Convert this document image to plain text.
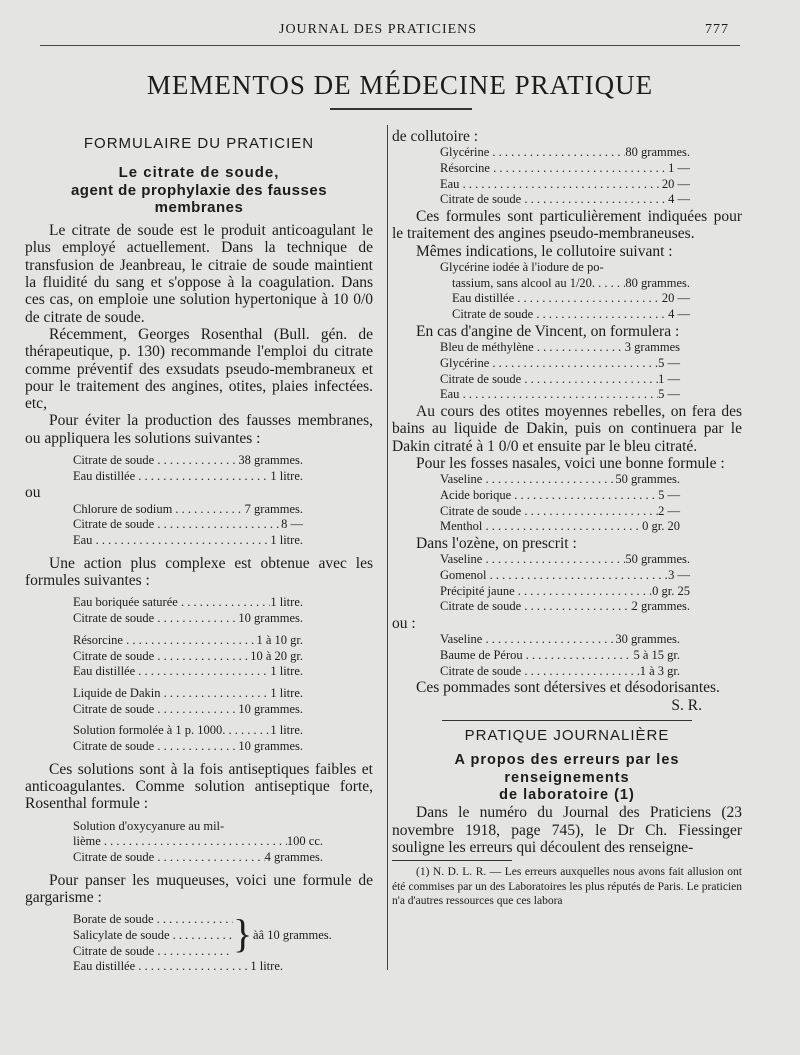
JOURNAL DES PRATICIENS	777
MEMENTOS DE MÉDECINE PRATIQUE
FORMULAIRE DU PRATICIEN
Le citrate de soude,
agent de prophylaxie des fausses membranes

Le citrate de soude est le produit anticoagulant le plus employé actuellement. Dans la technique de transfusion de Jeanbreau, le citraie de soude maintient la fluidité du sang et s'oppose à la coagulation. Dans ces cas, on emploie une solution hypertonique à 10 0/0 de citrate de soude.

Récemment, Georges Rosenthal (Bull. gén. de thérapeutique, p. 130) recommande l'emploi du citrate comme préventif des exsudats pseudo-membraneux et pour le traitement des angines, otites, plaies infectées. etc,

Pour éviter la production des fausses membranes, ou appliquera les solutions suivantes :

Citrate de soude . . .	38 grammes.
Eau distillée . . .	1 litre.
ou
Chlorure de sodium . . .	7 grammes.
Citrate de soude . . .	8 —
Eau . . .	1 litre.

Une action plus complexe est obtenue avec les formules suivantes :

Eau boriquée saturée . . .	1 litre.
Citrate de soude . . .	10 grammes.
Résorcine . . .	1 à 10 gr.
Citrate de soude . . .	10 à 20 gr.
Eau distillée . . .	1 litre.
Liquide de Dakin . . .	1 litre.
Citrate de soude . . .	10 grammes.
Solution formolée à 1 p. 1000. . . .	1 litre.
Citrate de soude . . .	10 grammes.

Ces solutions sont à la fois antiseptiques faibles et anticoagulantes. Comme solution antiseptique forte, Rosenthal formule :

Solution d'oxycyanure au mil-
lième . . .	100 cc.
Citrate de soude . . .	4 grammes.

Pour panser les muqueuses, voici une formule de gargarisme :

Borate de soude . . .
Salicylate de soude . . .
Citrate de soude . . .	} àâ 10 grammes.
Eau distillée . . .	1 litre.
de collutoire :
Glycérine . . .	80 grammes.
Résorcine . . .	1 —
Eau . . .	20 —
Citrate de soude . . .	4 —

Ces formules sont particulièrement indiquées pour le traitement des angines pseudo-membraneuses.

Mêmes indications, le collutoire suivant :

Glycérine iodée à l'iodure de po-
tassium, sans alcool au 1/20. . . .	80 grammes.
Eau distillée . . .	20 —
Citrate de soude . . .	4 —

En cas d'angine de Vincent, on formulera :

Bleu de méthylène . . .	3 grammes
Glycérine . . .	5 —
Citrate de soude . . .	1 —
Eau . . .	5 —

Au cours des otites moyennes rebelles, on fera des bains au liquide de Dakin, puis on continuera par le Dakin citraté à 1 0/0 et ensuite par le bleu citraté.

Pour les fosses nasales, voici une bonne formule :

Vaseline . . .	50 grammes.
Acide borique . . .	5 —
Citrate de soude . . .	2 —
Menthol . . .	0 gr. 20

Dans l'ozène, on prescrit :

Vaseline . . .	50 grammes.
Gomenol . . .	3 —
Précipité jaune . . .	0 gr. 25
Citrate de soude . . .	2 grammes.
ou :
Vaseline . . .	30 grammes.
Baume de Pérou . . .	5 à 15 gr.
Citrate de soude . . .	1 à 3 gr.

Ces pommades sont détersives et désodorisantes.

S. R.
PRATIQUE JOURNALIÈRE
A propos des erreurs par les renseignements
de laboratoire (1)

Dans le numéro du Journal des Praticiens (23 novembre 1918, page 745), le Dr Ch. Fiessinger souligne les erreurs qui découlent des renseigne-

(1) N. D. L. R. — Les erreurs auxquelles nous avons fait allusion ont été commises par un des Laboratoires les plus réputés de Paris. Le praticien n'a d'autres ressources que ces labora
